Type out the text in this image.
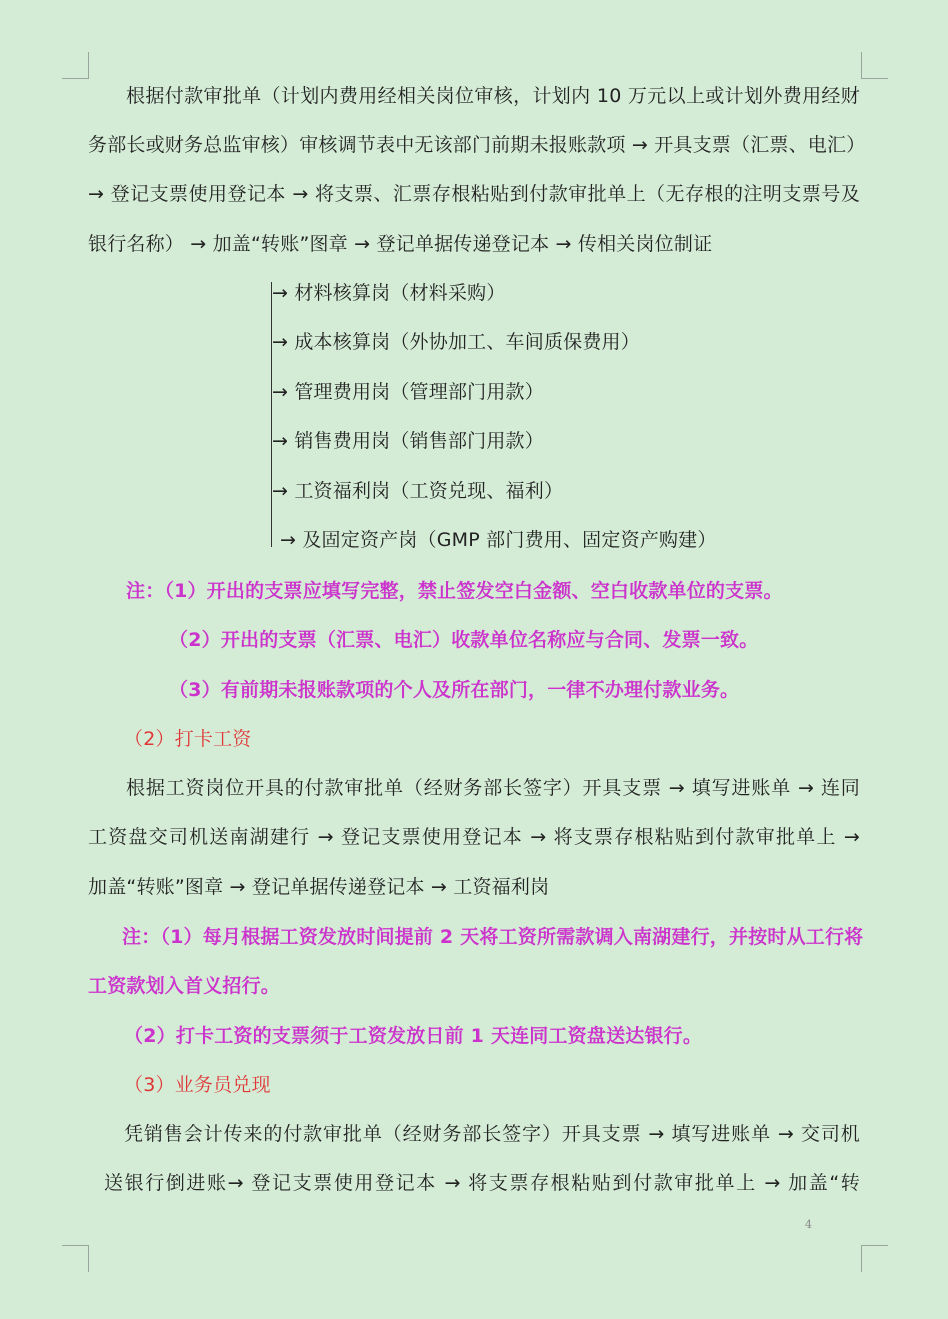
根据付款审批单（计划内费用经相关岗位审核，计划内 10 万元以上或计划外费用经财
务部长或财务总监审核）审核调节表中无该部门前期未报账款项 → 开具支票（汇票、电汇）
→ 登记支票使用登记本 → 将支票、汇票存根粘贴到付款审批单上（无存根的注明支票号及
银行名称） → 加盖“转账”图章 → 登记单据传递登记本 → 传相关岗位制证
→ 材料核算岗（材料采购）
→ 成本核算岗（外协加工、车间质保费用）
→ 管理费用岗（管理部门用款）
→ 销售费用岗（销售部门用款）
→ 工资福利岗（工资兑现、福利）
→ 及固定资产岗（GMP 部门费用、固定资产购建）
注：（1）开出的支票应填写完整，禁止签发空白金额、空白收款单位的支票。
（2）开出的支票（汇票、电汇）收款单位名称应与合同、发票一致。
（3）有前期未报账款项的个人及所在部门，一律不办理付款业务。
（2）打卡工资
根据工资岗位开具的付款审批单（经财务部长签字）开具支票 → 填写进账单 → 连同
工资盘交司机送南湖建行 → 登记支票使用登记本 → 将支票存根粘贴到付款审批单上 →
加盖“转账”图章 → 登记单据传递登记本 → 工资福利岗
注：（1）每月根据工资发放时间提前 2 天将工资所需款调入南湖建行，并按时从工行将
工资款划入首义招行。
（2）打卡工资的支票须于工资发放日前 1 天连同工资盘送达银行。
（3）业务员兑现
凭销售会计传来的付款审批单（经财务部长签字）开具支票 → 填写进账单 → 交司机
送银行倒进账→ 登记支票使用登记本 → 将支票存根粘贴到付款审批单上 → 加盖“转
4
